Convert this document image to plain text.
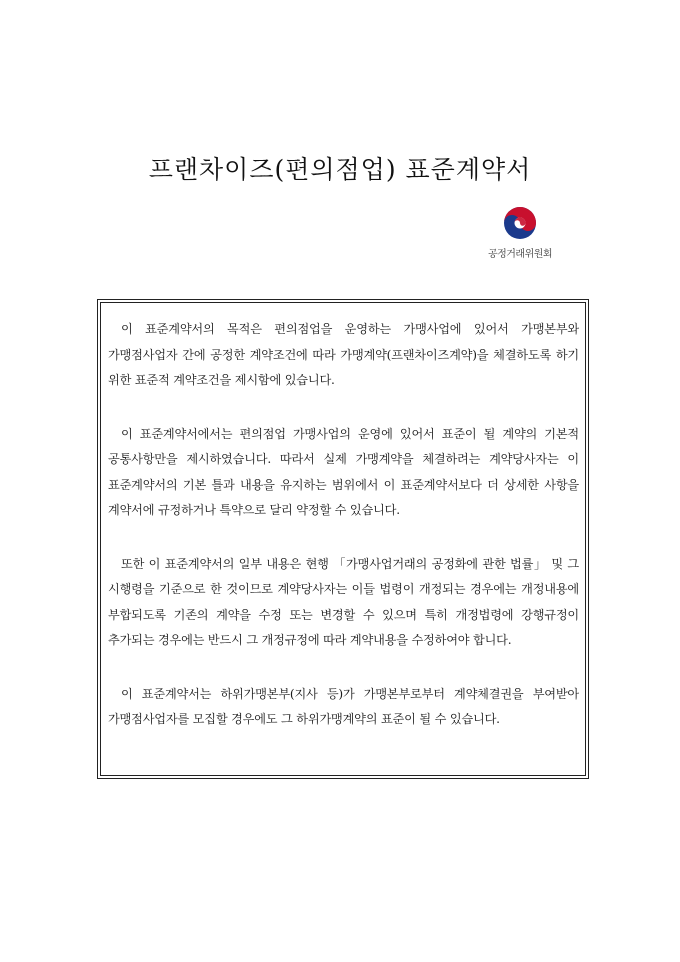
프랜차이즈(편의점업) 표준계약서
공정거래위원회

이 표준계약서의 목적은 편의점업을 운영하는 가맹사업에 있어서 가맹본부와 가맹점사업자 간에 공정한 계약조건에 따라 가맹계약(프랜차이즈계약)을 체결하도록 하기 위한 표준적 계약조건을 제시함에 있습니다.

이 표준계약서에서는 편의점업 가맹사업의 운영에 있어서 표준이 될 계약의 기본적 공통사항만을 제시하였습니다. 따라서 실제 가맹계약을 체결하려는 계약당사자는 이 표준계약서의 기본 틀과 내용을 유지하는 범위에서 이 표준계약서보다 더 상세한 사항을 계약서에 규정하거나 특약으로 달리 약정할 수 있습니다.

또한 이 표준계약서의 일부 내용은 현행 「가맹사업거래의 공정화에 관한 법률」 및 그 시행령을 기준으로 한 것이므로 계약당사자는 이들 법령이 개정되는 경우에는 개정내용에 부합되도록 기존의 계약을 수정 또는 변경할 수 있으며 특히 개정법령에 강행규정이 추가되는 경우에는 반드시 그 개정규정에 따라 계약내용을 수정하여야 합니다.

이 표준계약서는 하위가맹본부(지사 등)가 가맹본부로부터 계약체결권을 부여받아 가맹점사업자를 모집할 경우에도 그 하위가맹계약의 표준이 될 수 있습니다.
